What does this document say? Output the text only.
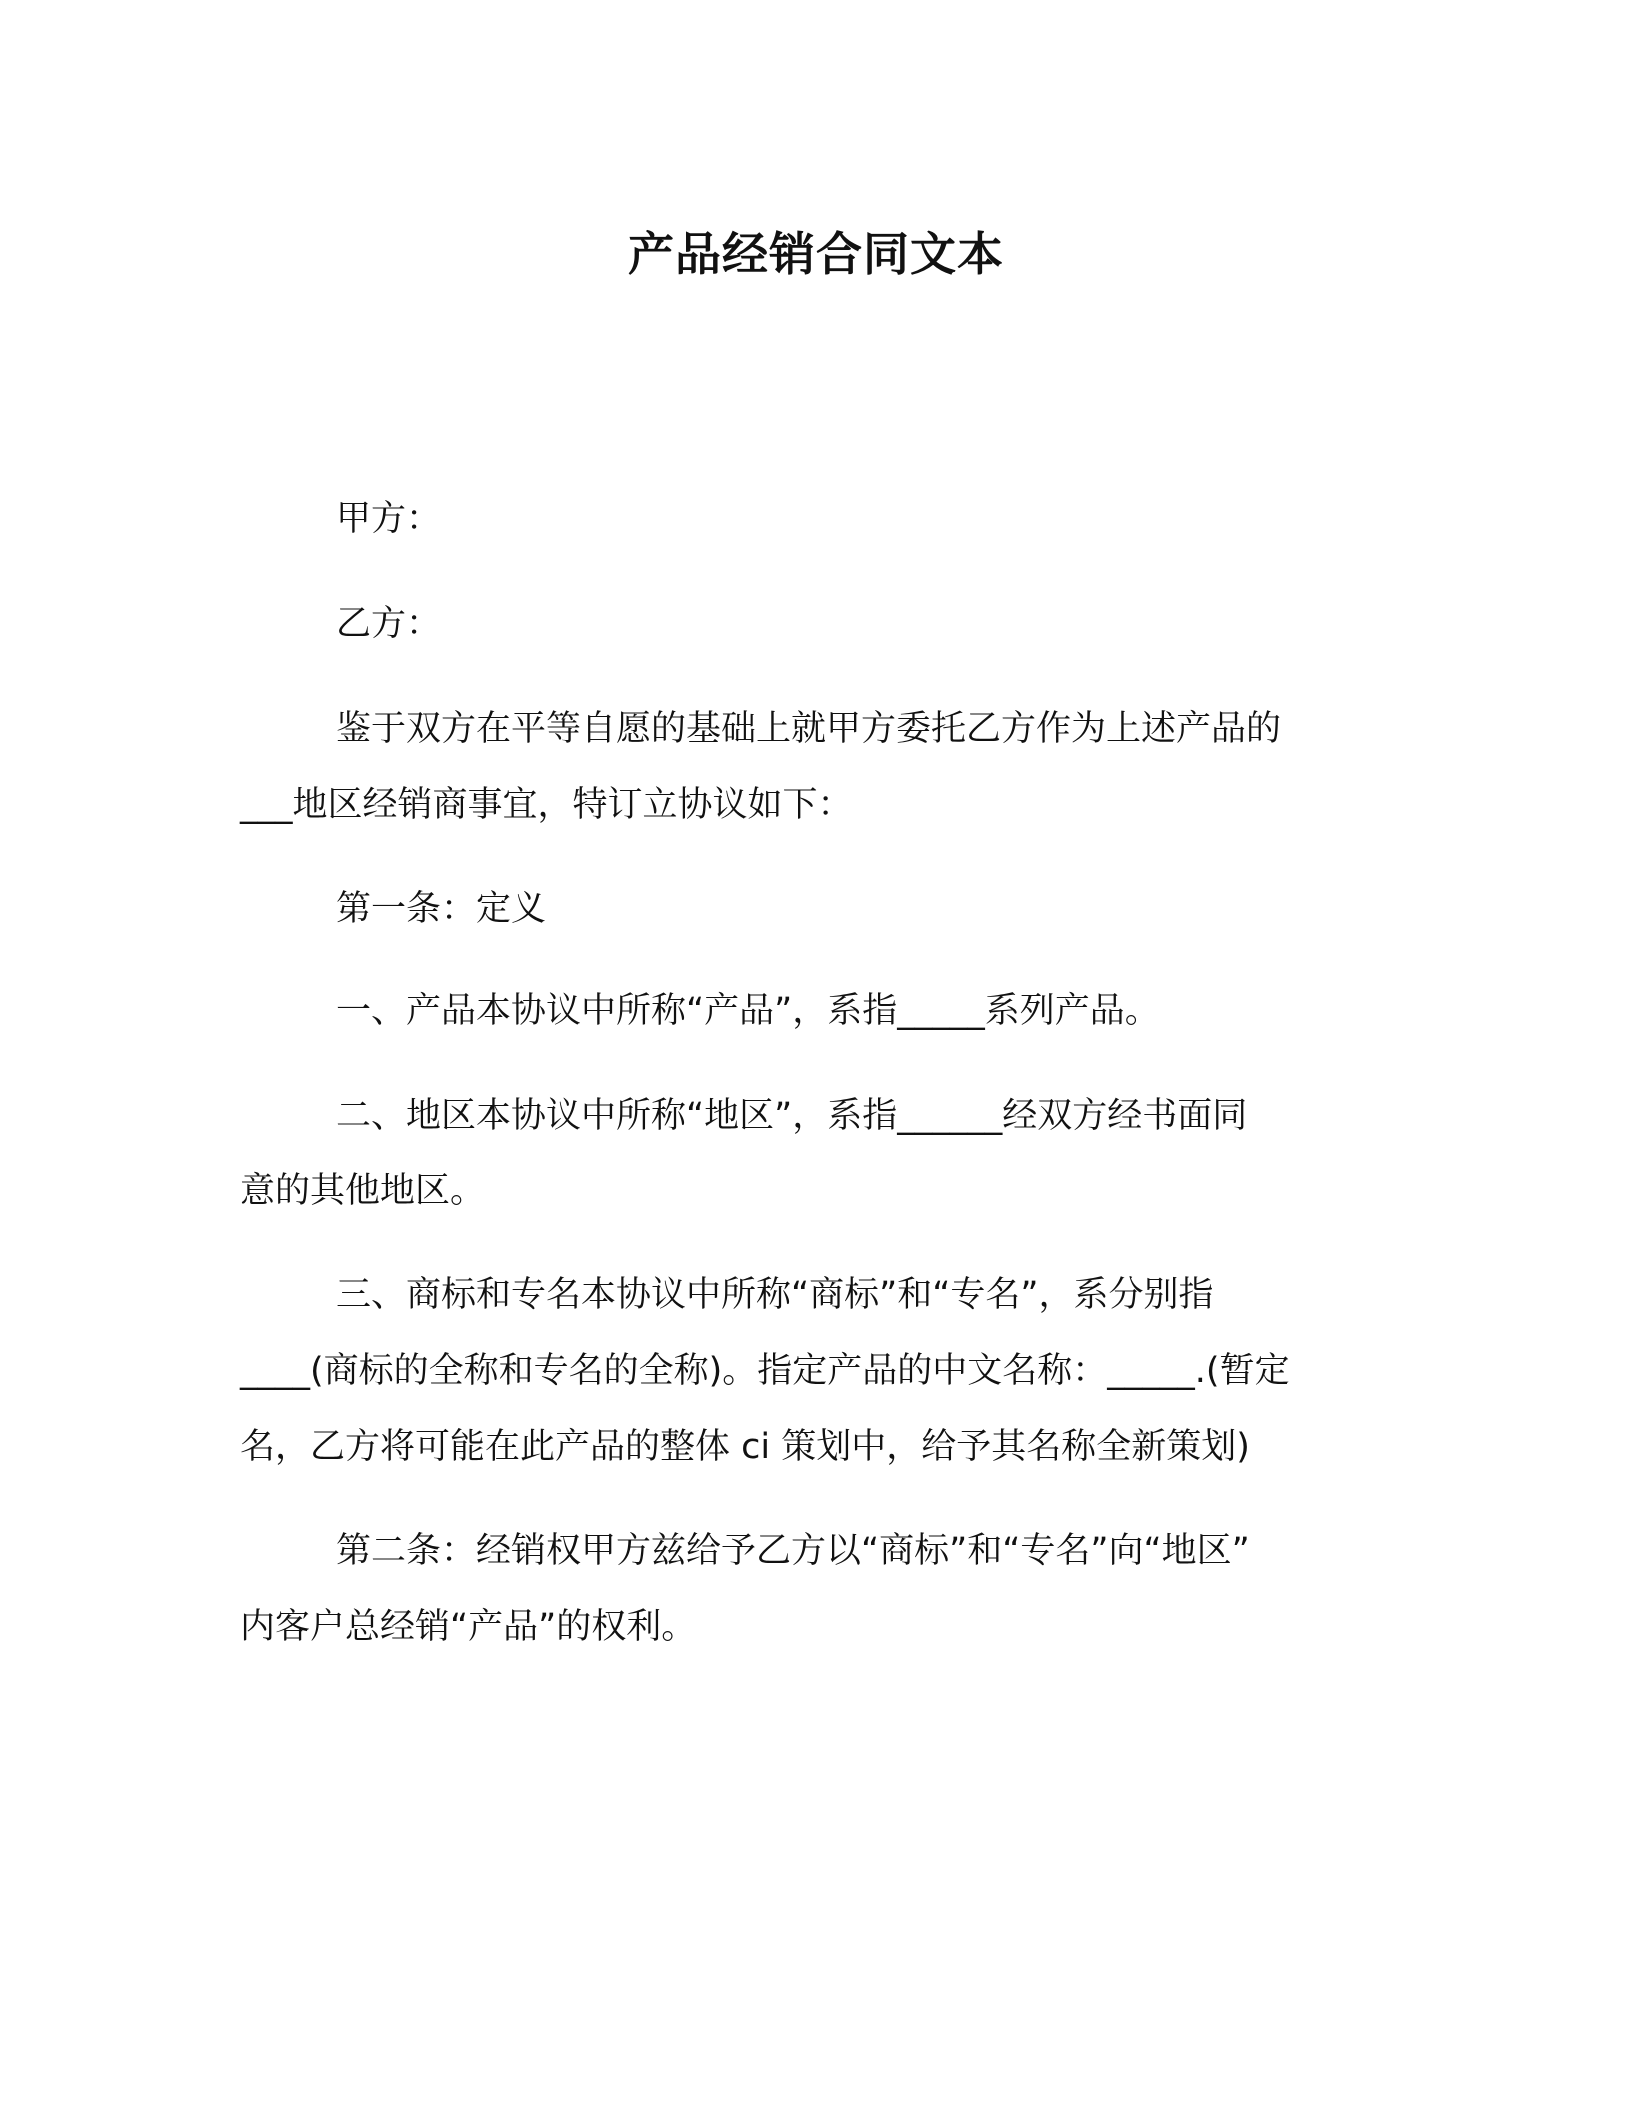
产品经销合同文本
甲方：
乙方：
鉴于双方在平等自愿的基础上就甲方委托乙方作为上述产品的
___地区经销商事宜，特订立协议如下：
第一条：定义
一、产品本协议中所称“产品”，系指_____系列产品。
二、地区本协议中所称“地区”，系指______经双方经书面同
意的其他地区。
三、商标和专名本协议中所称“商标”和“专名”，系分别指
____(商标的全称和专名的全称)。指定产品的中文名称：_____.(暂定
名，乙方将可能在此产品的整体 ci 策划中，给予其名称全新策划)
第二条：经销权甲方兹给予乙方以“商标”和“专名”向“地区”
内客户总经销“产品”的权利。
